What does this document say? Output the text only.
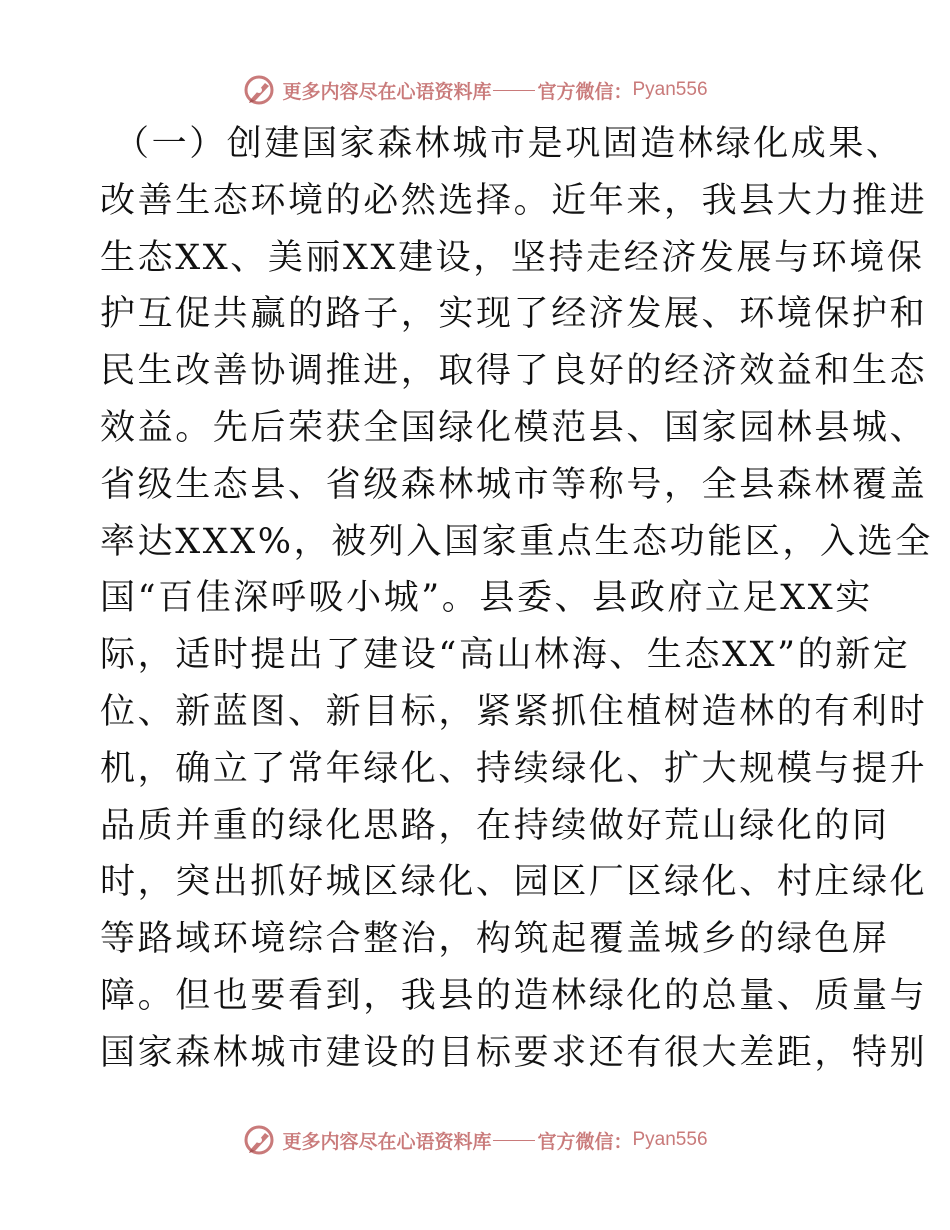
更多内容尽在心语资料库 官方微信： Pyan556
（一）创建国家森林城市是巩固造林绿化成果、
改善生态环境的必然选择。近年来，我县大力推进
生态XX、美丽XX建设，坚持走经济发展与环境保
护互促共赢的路子，实现了经济发展、环境保护和
民生改善协调推进，取得了良好的经济效益和生态
效益。先后荣获全国绿化模范县、国家园林县城、
省级生态县、省级森林城市等称号，全县森林覆盖
率达XXX%，被列入国家重点生态功能区，入选全
国“百佳深呼吸小城”。县委、县政府立足XX实
际，适时提出了建设“高山林海、生态XX”的新定
位、新蓝图、新目标，紧紧抓住植树造林的有利时
机，确立了常年绿化、持续绿化、扩大规模与提升
品质并重的绿化思路，在持续做好荒山绿化的同
时，突出抓好城区绿化、园区厂区绿化、村庄绿化
等路域环境综合整治，构筑起覆盖城乡的绿色屏
障。但也要看到，我县的造林绿化的总量、质量与
国家森林城市建设的目标要求还有很大差距，特别
更多内容尽在心语资料库 官方微信： Pyan556
